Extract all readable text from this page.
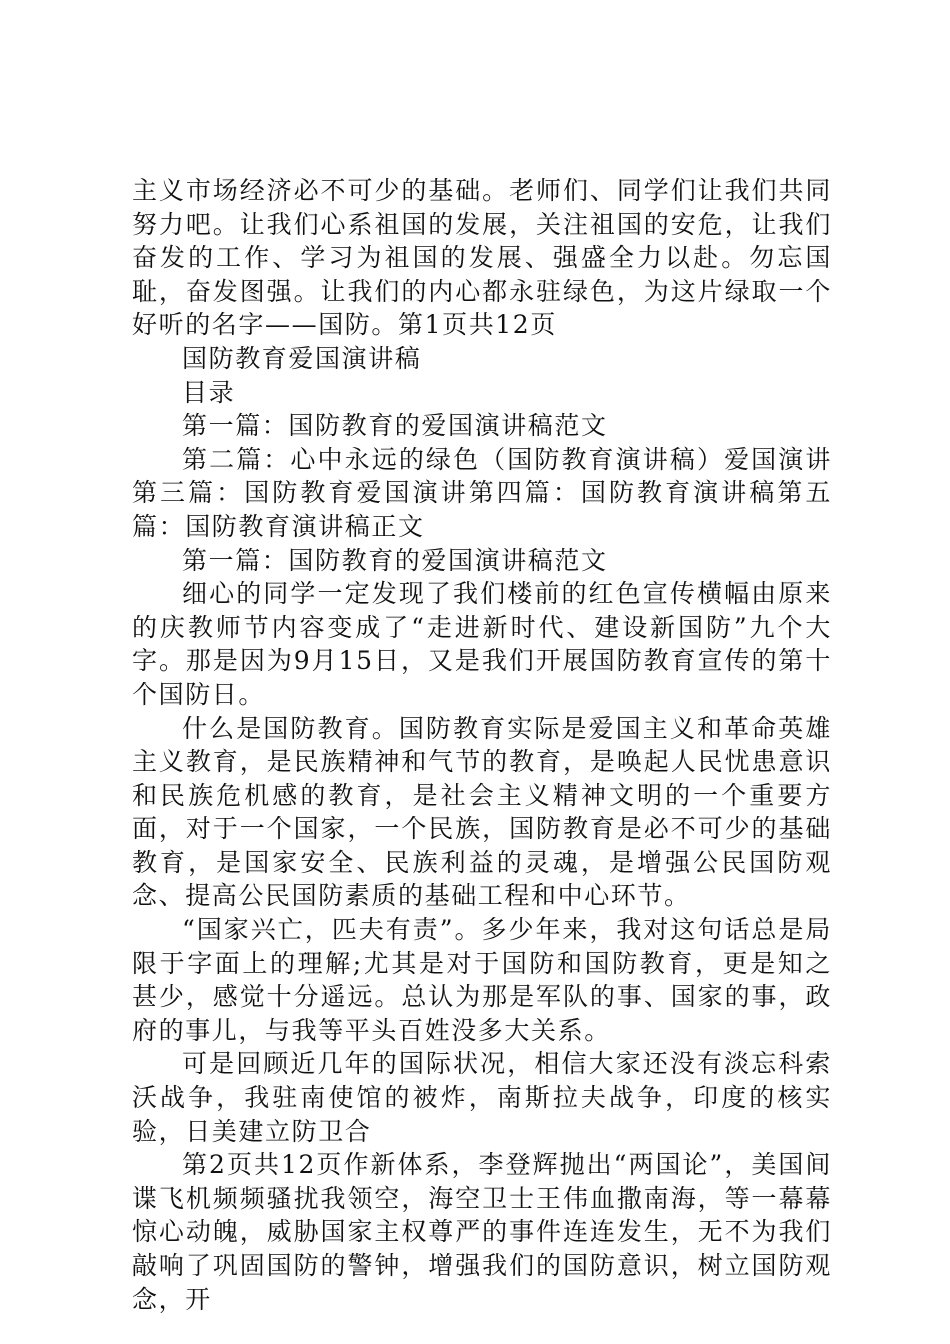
主义市场经济必不可少的基础。老师们、同学们让我们共同努力吧。让我们心系祖国的发展，关注祖国的安危，让我们奋发的工作、学习为祖国的发展、强盛全力以赴。勿忘国耻，奋发图强。让我们的内心都永驻绿色，为这片绿取一个好听的名字——国防。第1页共12页

国防教育爱国演讲稿

目录

第一篇：国防教育的爱国演讲稿范文

第二篇：心中永远的绿色（国防教育演讲稿）爱国演讲第三篇：国防教育爱国演讲第四篇：国防教育演讲稿第五篇：国防教育演讲稿正文

第一篇：国防教育的爱国演讲稿范文

细心的同学一定发现了我们楼前的红色宣传横幅由原来的庆教师节内容变成了“走进新时代、建设新国防”九个大字。那是因为9月15日，又是我们开展国防教育宣传的第十个国防日。

什么是国防教育。国防教育实际是爱国主义和革命英雄主义教育，是民族精神和气节的教育，是唤起人民忧患意识和民族危机感的教育，是社会主义精神文明的一个重要方面，对于一个国家，一个民族，国防教育是必不可少的基础教育，是国家安全、民族利益的灵魂，是增强公民国防观念、提高公民国防素质的基础工程和中心环节。

“国家兴亡，匹夫有责”。多少年来，我对这句话总是局限于字面上的理解;尤其是对于国防和国防教育，更是知之甚少，感觉十分遥远。总认为那是军队的事、国家的事，政府的事儿，与我等平头百姓没多大关系。

可是回顾近几年的国际状况，相信大家还没有淡忘科索沃战争，我驻南使馆的被炸，南斯拉夫战争，印度的核实验，日美建立防卫合

第2页共12页作新体系，李登辉抛出“两国论”，美国间谍飞机频频骚扰我领空，海空卫士王伟血撒南海，等一幕幕惊心动魄，威胁国家主权尊严的事件连连发生，无不为我们敲响了巩固国防的警钟，增强我们的国防意识，树立国防观念，开
